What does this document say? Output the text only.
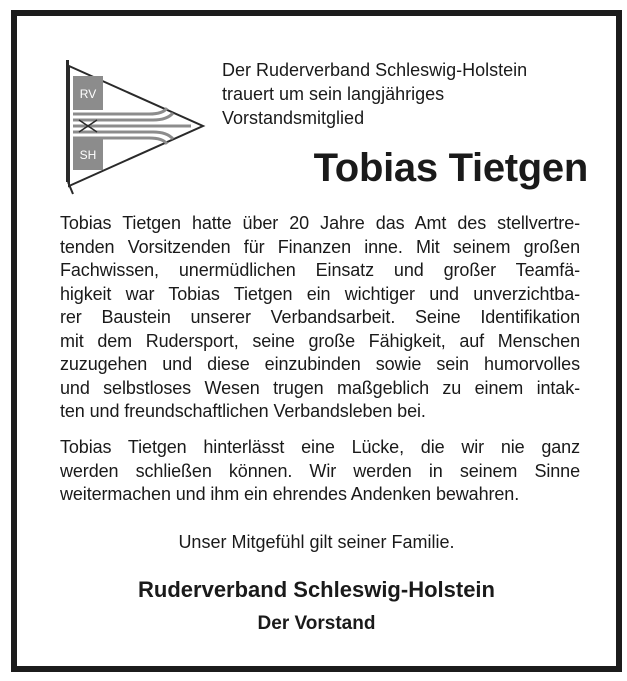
RV
SH
Der Ruderverband Schleswig-Holstein
trauert um sein langjähriges
Vorstandsmitglied
Tobias Tietgen
Tobias Tietgen hatte über 20 Jahre das Amt des stellvertre-
tenden Vorsitzenden für Finanzen inne. Mit seinem großen
Fachwissen, unermüdlichen Einsatz und großer Teamfä-
higkeit war Tobias Tietgen ein wichtiger und unverzichtba-
rer Baustein unserer Verbandsarbeit. Seine Identifikation
mit dem Rudersport, seine große Fähigkeit, auf Menschen
zuzugehen und diese einzubinden sowie sein humorvolles
und selbstloses Wesen trugen maßgeblich zu einem intak-
ten und freundschaftlichen Verbandsleben bei.
Tobias Tietgen hinterlässt eine Lücke, die wir nie ganz
werden schließen können. Wir werden in seinem Sinne
weitermachen und ihm ein ehrendes Andenken bewahren.
Unser Mitgefühl gilt seiner Familie.
Ruderverband Schleswig-Holstein
Der Vorstand
